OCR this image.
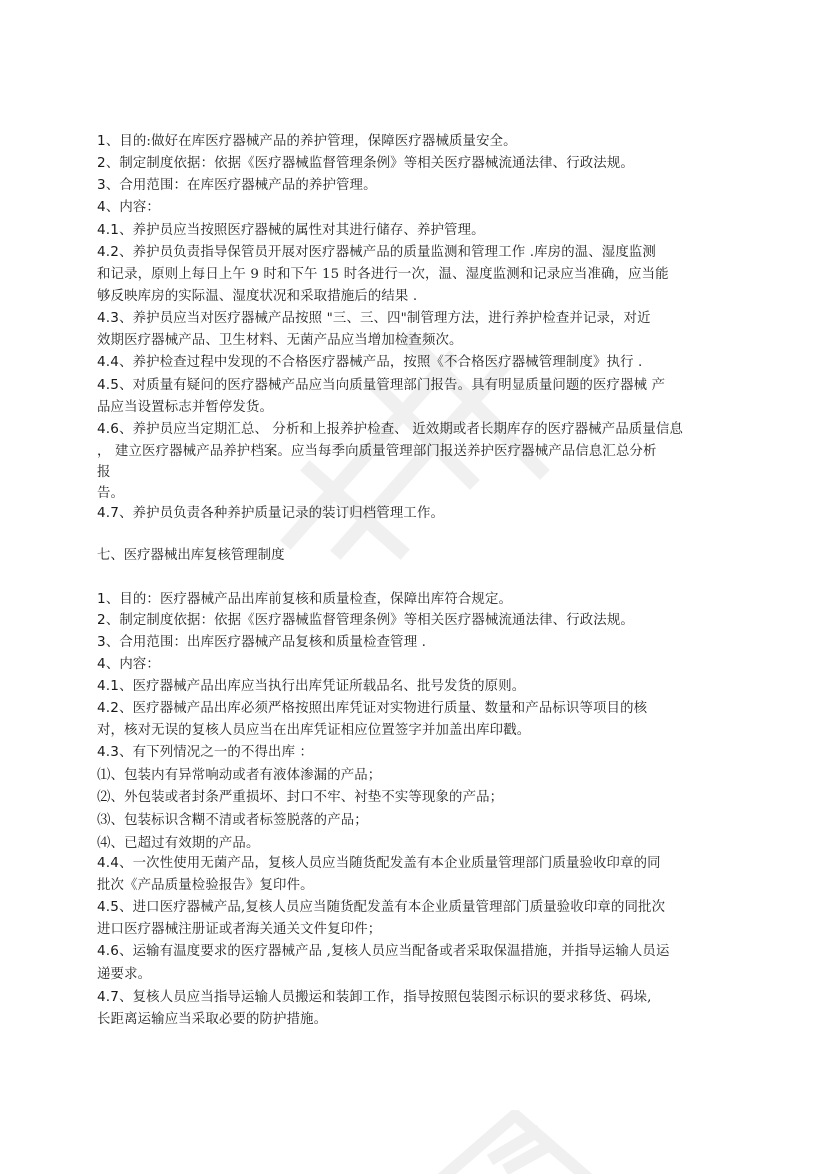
1、目的:做好在库医疗器械产品的养护管理，保障医疗器械质量安全。
2、制定制度依据：依据《医疗器械监督管理条例》等相关医疗器械流通法律、行政法规。
3、合用范围：在库医疗器械产品的养护管理。
4、内容：
4.1、养护员应当按照医疗器械的属性对其进行储存、养护管理。
4.2、养护员负责指导保管员开展对医疗器械产品的质量监测和管理工作 .库房的温、湿度监测
和记录，原则上每日上午 9 时和下午 15 时各进行一次，温、湿度监测和记录应当准确，应当能
够反映库房的实际温、湿度状况和采取措施后的结果 .
4.3、养护员应当对医疗器械产品按照 "三、三、四"制管理方法，进行养护检查并记录，对近
效期医疗器械产品、卫生材料、无菌产品应当增加检查频次。
4.4、养护检查过程中发现的不合格医疗器械产品，按照《不合格医疗器械管理制度》执行 .
4.5、对质量有疑问的医疗器械产品应当向质量管理部门报告。具有明显质量问题的医疗器械 产
品应当设置标志并暂停发货。
4.6、养护员应当定期汇总、 分析和上报养护检查、 近效期或者长期库存的医疗器械产品质量信息
， 建立医疗器械产品养护档案。应当每季向质量管理部门报送养护医疗器械产品信息汇总分析
报
告。
4.7、养护员负责各种养护质量记录的装订归档管理工作。
七、医疗器械出库复核管理制度
1、目的：医疗器械产品出库前复核和质量检查，保障出库符合规定。
2、制定制度依据：依据《医疗器械监督管理条例》等相关医疗器械流通法律、行政法规。
3、合用范围：出库医疗器械产品复核和质量检查管理 .
4、内容：
4.1、医疗器械产品出库应当执行出库凭证所载品名、批号发货的原则。
4.2、医疗器械产品出库必须严格按照出库凭证对实物进行质量、数量和产品标识等项目的核
对，核对无误的复核人员应当在出库凭证相应位置签字并加盖出库印戳。
4.3、有下列情况之一的不得出库 ：
⑴、包装内有异常响动或者有液体渗漏的产品；
⑵、外包装或者封条严重损坏、封口不牢、衬垫不实等现象的产品；
⑶、包装标识含糊不清或者标签脱落的产品；
⑷、已超过有效期的产品。
4.4、一次性使用无菌产品，复核人员应当随货配发盖有本企业质量管理部门质量验收印章的同
批次《产品质量检验报告》复印件。
4.5、进口医疗器械产品,复核人员应当随货配发盖有本企业质量管理部门质量验收印章的同批次
进口医疗器械注册证或者海关通关文件复印件；
4.6、运输有温度要求的医疗器械产品 ,复核人员应当配备或者采取保温措施，并指导运输人员运
递要求。
4.7、复核人员应当指导运输人员搬运和装卸工作，指导按照包装图示标识的要求移货、码垛,
长距离运输应当采取必要的防护措施。
